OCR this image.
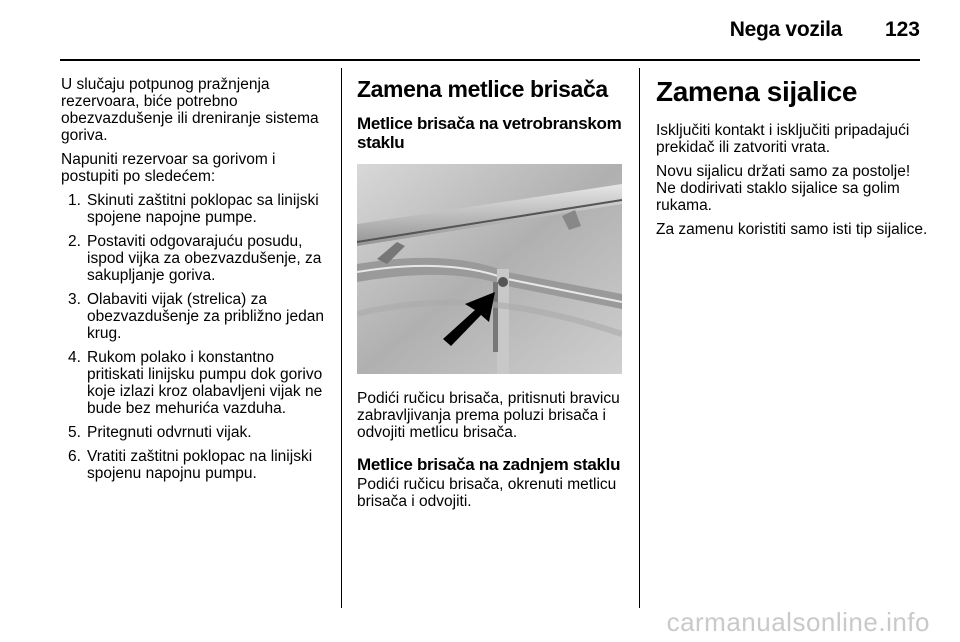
Nega vozila 123

U slučaju potpunog pražnjenja rezervoara, biće potrebno obezvazdušenje ili dreniranje sistema goriva.

Napuniti rezervoar sa gorivom i postupiti po sledećem:

1. Skinuti zaštitni poklopac sa linijski spojene napojne pumpe.
2. Postaviti odgovarajuću posudu, ispod vijka za obezvazdušenje, za sakupljanje goriva.
3. Olabaviti vijak (strelica) za obezvazdušenje za približno jedan krug.
4. Rukom polako i konstantno pritiskati linijsku pumpu dok gorivo koje izlazi kroz olabavljeni vijak ne bude bez mehurića vazduha.
5. Pritegnuti odvrnuti vijak.
6. Vratiti zaštitni poklopac na linijski spojenu napojnu pumpu.
Zamena metlice brisača
Metlice brisača na vetrobranskom staklu

Podići ručicu brisača, pritisnuti bravicu zabravljivanja prema poluzi brisača i odvojiti metlicu brisača.

Metlice brisača na zadnjem staklu

Podići ručicu brisača, okrenuti metlicu brisača i odvojiti.

Zamena sijalice

Isključiti kontakt i isključiti pripadajući prekidač ili zatvoriti vrata.

Novu sijalicu držati samo za postolje! Ne dodirivati staklo sijalice sa golim rukama.

Za zamenu koristiti samo isti tip sijalice.

carmanualsonline.info
